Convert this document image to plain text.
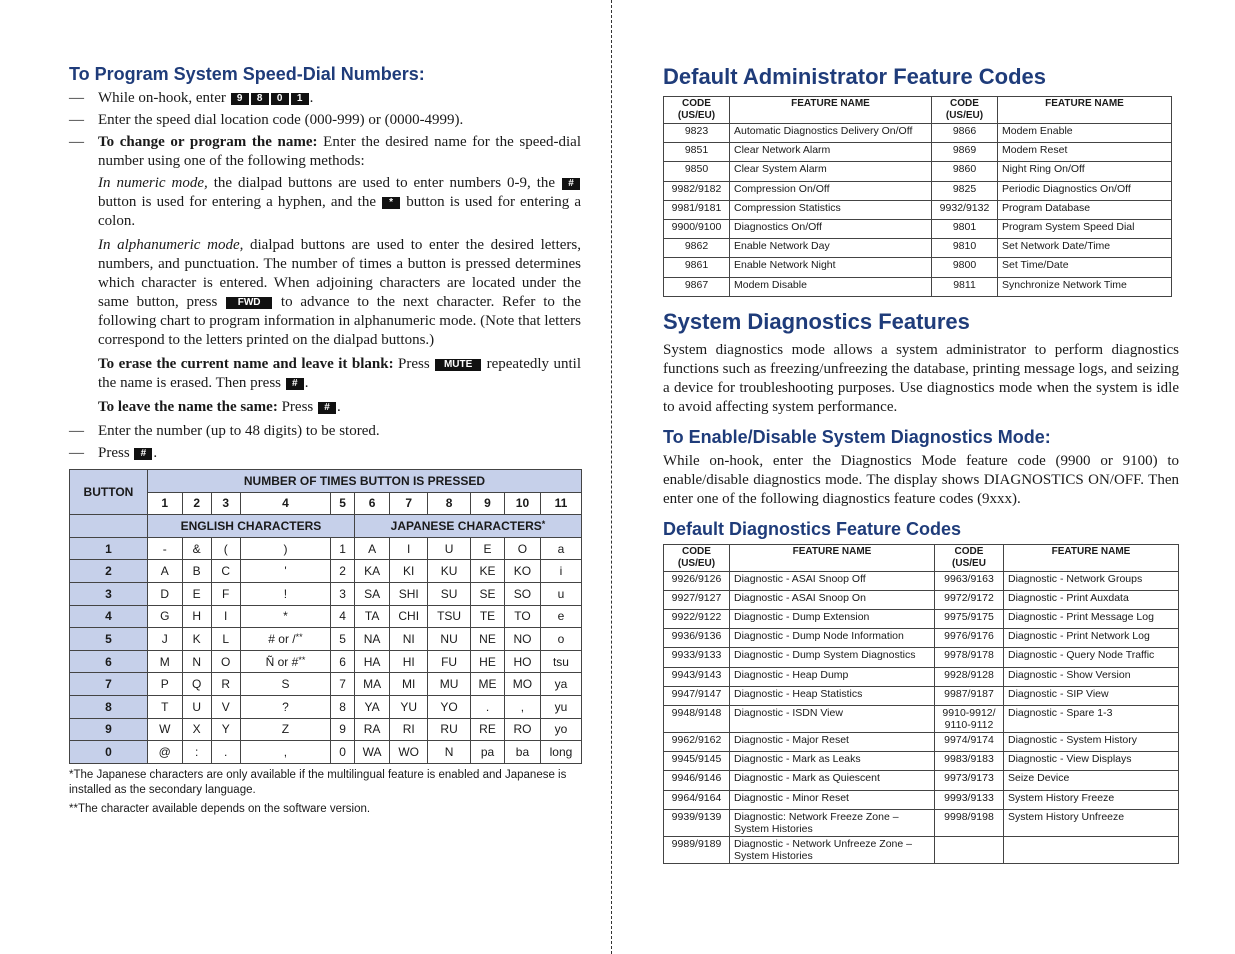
To Program System Speed-Dial Numbers:
— While on-hook, enter 9 8 0 1 .
— Enter the speed dial location code (000-999) or (0000-4999).
— To change or program the name: Enter the desired name for the speed-dial number using one of the following methods:

In numeric mode, the dialpad buttons are used to enter numbers 0-9, the # button is used for entering a hyphen, and the * button is used for entering a colon.

In alphanumeric mode, dialpad buttons are used to enter the desired letters, numbers, and punctuation. The number of times a button is pressed determines which character is entered. When adjoining characters are located under the same button, press FWD to advance to the next character. Refer to the following chart to program information in alphanumeric mode. (Note that letters correspond to the letters printed on the dialpad buttons.)

To erase the current name and leave it blank: Press MUTE repeatedly until the name is erased. Then press # .

To leave the name the same: Press # .

— Enter the number (up to 48 digits) to be stored.
— Press # .
BUTTON	NUMBER OF TIMES BUTTON IS PRESSED										
	1	2	3	4	5	6	7	8	9	10	11
	ENGLISH CHARACTERS					JAPANESE CHARACTERS*
1	-	&	(	)	1	A	I	U	E	O	a
2	A	B	C	'	2	KA	KI	KU	KE	KO	i
3	D	E	F	!	3	SA	SHI	SU	SE	SO	u
4	G	H	I	*	4	TA	CHI	TSU	TE	TO	e
5	J	K	L	# or /**	5	NA	NI	NU	NE	NO	o
6	M	N	O	Ñ or #**	6	HA	HI	FU	HE	HO	tsu
7	P	Q	R	S	7	MA	MI	MU	ME	MO	ya
8	T	U	V	?	8	YA	YU	YO	.	,	yu
9	W	X	Y	Z	9	RA	RI	RU	RE	RO	yo
0	@	:	.	,	0	WA	WO	N	pa	ba	long

*The Japanese characters are only available if the multilingual feature is enabled and Japanese is installed as the secondary language.

**The character available depends on the software version.

Default Administrator Feature Codes
CODE (US/EU)	FEATURE NAME	CODE (US/EU)	FEATURE NAME
9823	Automatic Diagnostics Delivery On/Off	9866	Modem Enable
9851	Clear Network Alarm	9869	Modem Reset
9850	Clear System Alarm	9860	Night Ring On/Off
9982/9182	Compression On/Off	9825	Periodic Diagnostics On/Off
9981/9181	Compression Statistics	9932/9132	Program Database
9900/9100	Diagnostics On/Off	9801	Program System Speed Dial
9862	Enable Network Day	9810	Set Network Date/Time
9861	Enable Network Night	9800	Set Time/Date
9867	Modem Disable	9811	Synchronize Network Time
System Diagnostics Features

System diagnostics mode allows a system administrator to perform diagnostics functions such as freezing/unfreezing the database, printing message logs, and seizing a device for troubleshooting purposes. Use diagnostics mode when the system is idle to avoid affecting system performance.

To Enable/Disable System Diagnostics Mode:

While on-hook, enter the Diagnostics Mode feature code (9900 or 9100) to enable/disable diagnostics mode. The display shows DIAGNOSTICS ON/OFF. Then enter one of the following diagnostics feature codes (9xxx).

Default Diagnostics Feature Codes
CODE (US/EU)	FEATURE NAME	CODE (US/EU	FEATURE NAME
9926/9126	Diagnostic - ASAI Snoop Off	9963/9163	Diagnostic - Network Groups
9927/9127	Diagnostic - ASAI Snoop On	9972/9172	Diagnostic - Print Auxdata
9922/9122	Diagnostic - Dump Extension	9975/9175	Diagnostic - Print Message Log
9936/9136	Diagnostic - Dump Node Information	9976/9176	Diagnostic - Print Network Log
9933/9133	Diagnostic - Dump System Diagnostics	9978/9178	Diagnostic - Query Node Traffic
9943/9143	Diagnostic - Heap Dump	9928/9128	Diagnostic - Show Version
9947/9147	Diagnostic - Heap Statistics	9987/9187	Diagnostic - SIP View
9948/9148	Diagnostic - ISDN View	9910-9912/ 9110-9112	Diagnostic - Spare 1-3
9962/9162	Diagnostic - Major Reset	9974/9174	Diagnostic - System History
9945/9145	Diagnostic - Mark as Leaks	9983/9183	Diagnostic - View Displays
9946/9146	Diagnostic - Mark as Quiescent	9973/9173	Seize Device
9964/9164	Diagnostic - Minor Reset	9993/9133	System History Freeze
9939/9139	Diagnostic: Network Freeze Zone – System Histories	9998/9198	System History Unfreeze
9989/9189	Diagnostic - Network Unfreeze Zone – System Histories		
